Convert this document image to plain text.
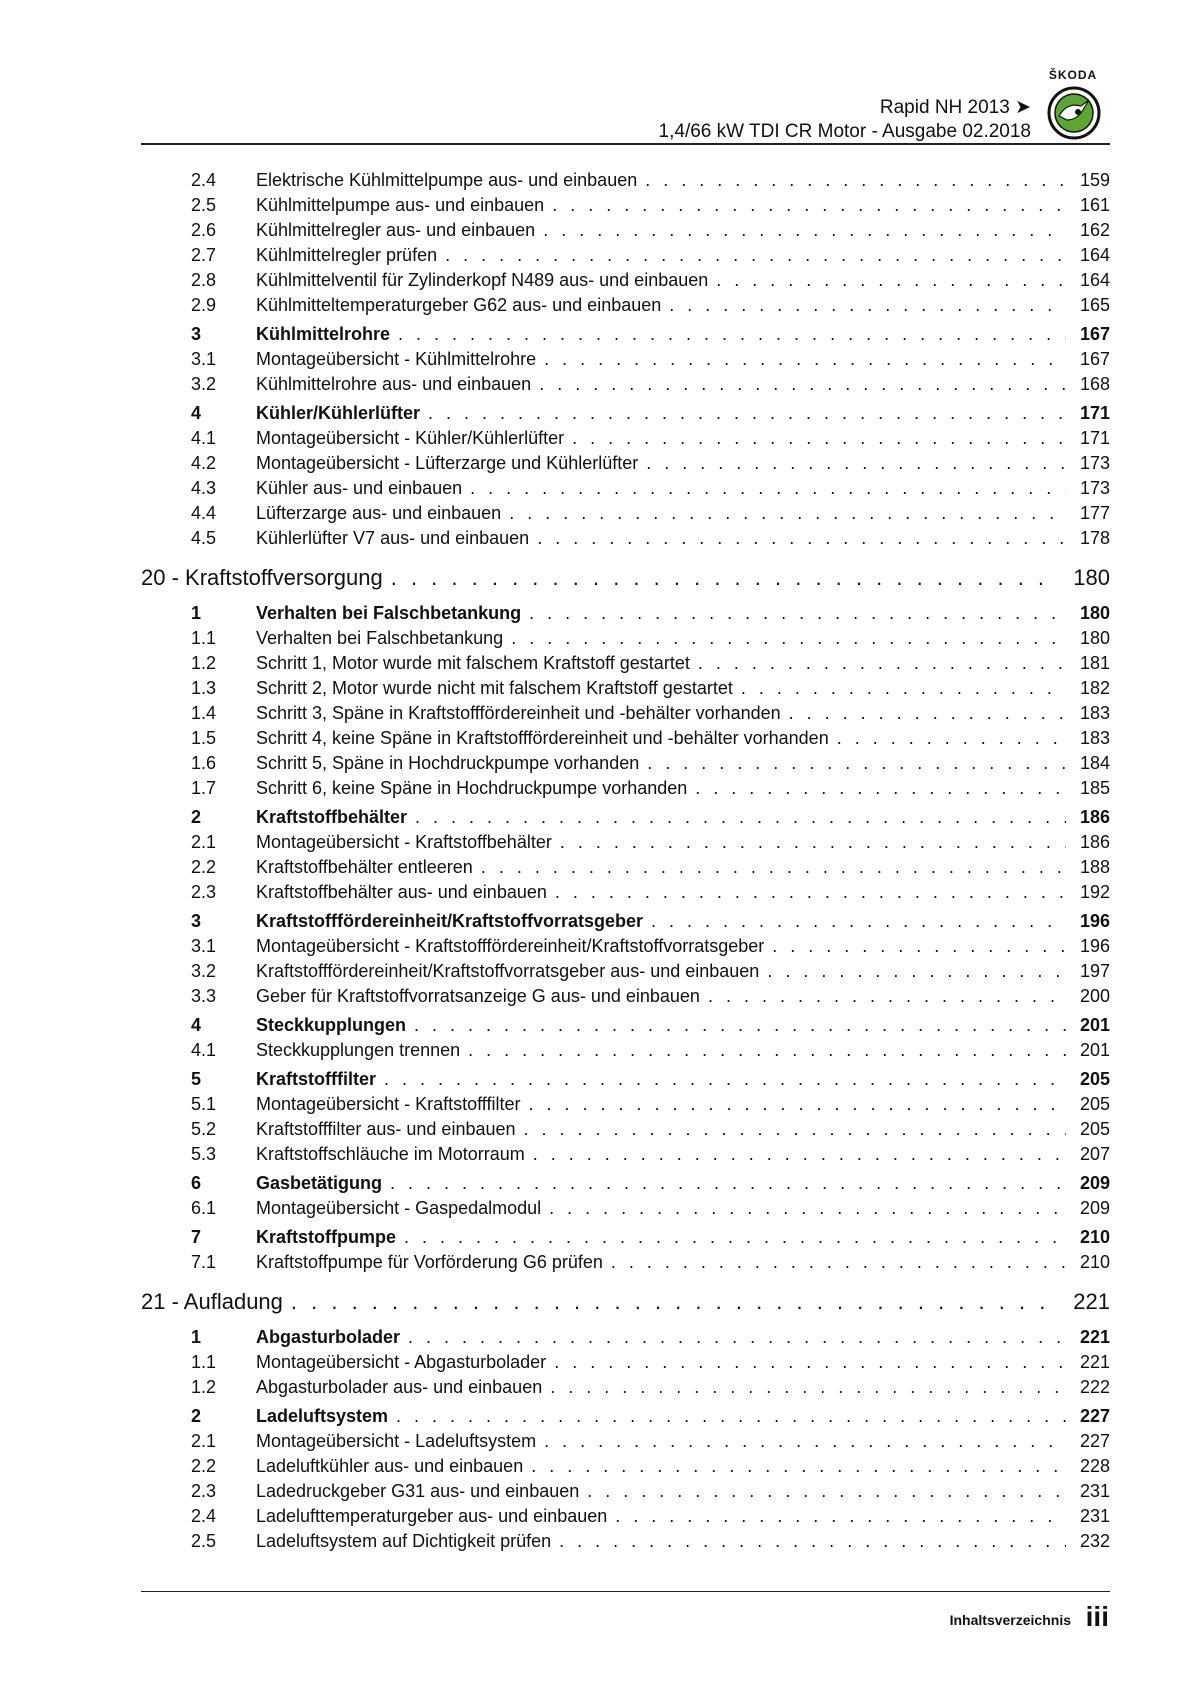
ŠKODA
Rapid NH 2013 ➤
1,4/66 kW TDI CR Motor - Ausgabe 02.2018
2.4 Elektrische Kühlmittelpumpe aus- und einbauen . . .	159
2.5 Kühlmittelpumpe aus- und einbauen . . .	161
2.6 Kühlmittelregler aus- und einbauen . . .	162
2.7 Kühlmittelregler prüfen . . .	164
2.8 Kühlmittelventil für Zylinderkopf N489 aus- und einbauen . . .	164
2.9 Kühlmitteltemperaturgeber G62 aus- und einbauen . . .	165
3	Kühlmittelrohre . . .	167
3.1 Montageübersicht - Kühlmittelrohre . . .	167
3.2 Kühlmittelrohre aus- und einbauen . . .	168
4	Kühler/Kühlerlüfter . . .	171
4.1 Montageübersicht - Kühler/Kühlerlüfter . . .	171
4.2 Montageübersicht - Lüfterzarge und Kühlerlüfter . . .	173
4.3 Kühler aus- und einbauen . . .	173
4.4 Lüfterzarge aus- und einbauen . . .	177
4.5 Kühlerlüfter V7 aus- und einbauen . . .	178
20 - Kraftstoffversorgung . . .	180
1	Verhalten bei Falschbetankung . . .	180
1.1 Verhalten bei Falschbetankung . . .	180
1.2 Schritt 1, Motor wurde mit falschem Kraftstoff gestartet . . .	181
1.3 Schritt 2, Motor wurde nicht mit falschem Kraftstoff gestartet . . .	182
1.4 Schritt 3, Späne in Kraftstofffördereinheit und -behälter vorhanden . . .	183
1.5 Schritt 4, keine Späne in Kraftstofffördereinheit und -behälter vorhanden . . .	183
1.6 Schritt 5, Späne in Hochdruckpumpe vorhanden . . .	184
1.7 Schritt 6, keine Späne in Hochdruckpumpe vorhanden . . .	185
2	Kraftstoffbehälter . . .	186
2.1 Montageübersicht - Kraftstoffbehälter . . .	186
2.2 Kraftstoffbehälter entleeren . . .	188
2.3 Kraftstoffbehälter aus- und einbauen . . .	192
3	Kraftstofffördereinheit/Kraftstoffvorratsgeber . . .	196
3.1 Montageübersicht - Kraftstofffördereinheit/Kraftstoffvorratsgeber . . .	196
3.2 Kraftstofffördereinheit/Kraftstoffvorratsgeber aus- und einbauen . . .	197
3.3 Geber für Kraftstoffvorratsanzeige G aus- und einbauen . . .	200
4	Steckkupplungen . . .	201
4.1 Steckkupplungen trennen . . .	201
5	Kraftstofffilter . . .	205
5.1 Montageübersicht - Kraftstofffilter . . .	205
5.2 Kraftstofffilter aus- und einbauen . . .	205
5.3 Kraftstoffschläuche im Motorraum . . .	207
6	Gasbetätigung . . .	209
6.1 Montageübersicht - Gaspedalmodul . . .	209
7	Kraftstoffpumpe . . .	210
7.1 Kraftstoffpumpe für Vorförderung G6 prüfen . . .	210
21 - Aufladung . . .	221
1	Abgasturbolader . . .	221
1.1 Montageübersicht - Abgasturbolader . . .	221
1.2 Abgasturbolader aus- und einbauen . . .	222
2	Ladeluftsystem . . .	227
2.1 Montageübersicht - Ladeluftsystem . . .	227
2.2 Ladeluftkühler aus- und einbauen . . .	228
2.3 Ladedruckgeber G31 aus- und einbauen . . .	231
2.4 Ladelufttemperaturgeber aus- und einbauen . . .	231
2.5 Ladeluftsystem auf Dichtigkeit prüfen . . .	232
Inhaltsverzeichnis iii
